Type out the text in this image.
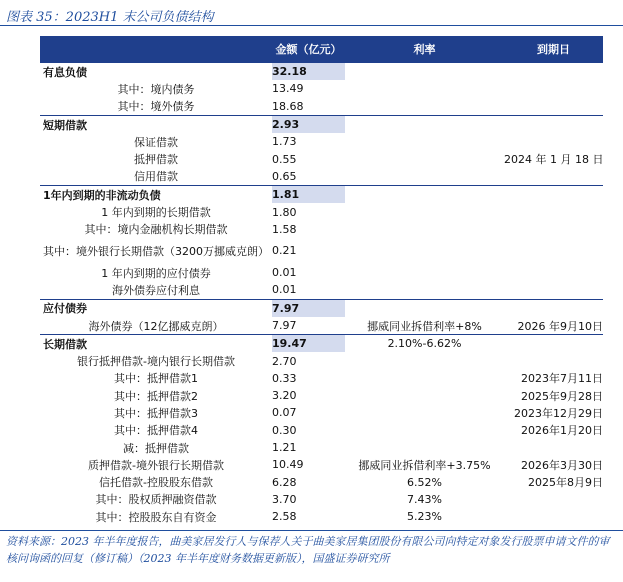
图表 35：2023H1 末公司负债结构
	金额（亿元）	利率	到期日
有息负债	32.18		
其中：境内债务	13.49		
其中：境外债务	18.68		
短期借款	2.93		
保证借款	1.73		
抵押借款	0.55		2024 年 1 月 18 日
信用借款	0.65		
1年内到期的非流动负债	1.81		
1 年内到期的长期借款	1.80		
其中：境内金融机构长期借款	1.58		
其中：境外银行长期借款（3200万挪威克朗）	0.21		
1 年内到期的应付债券	0.01		
海外债券应付利息	0.01		
应付债券	7.97		
海外债券（12亿挪威克朗）	7.97	挪威同业拆借利率+8%	2026 年9月10日
长期借款	19.47	2.10%-6.62%	
银行抵押借款-境内银行长期借款	2.70		
其中：抵押借款1	0.33		2023年7月11日
其中：抵押借款2	3.20		2025年9月28日
其中：抵押借款3	0.07		2023年12月29日
其中：抵押借款4	0.30		2026年1月20日
减：抵押借款	1.21		
质押借款-境外银行长期借款	10.49	挪威同业拆借利率+3.75%	2026年3月30日
信托借款-控股股东借款	6.28	6.52%	2025年8月9日
其中：股权质押融资借款	3.70	7.43%	
其中：控股股东自有资金	2.58	5.23%	
资料来源：2023 年半年度报告，曲美家居发行人与保荐人关于曲美家居集团股份有限公司向特定对象发行股票申请文件的审核问询函的回复（修订稿）（2023 年半年度财务数据更新版），国盛证券研究所
